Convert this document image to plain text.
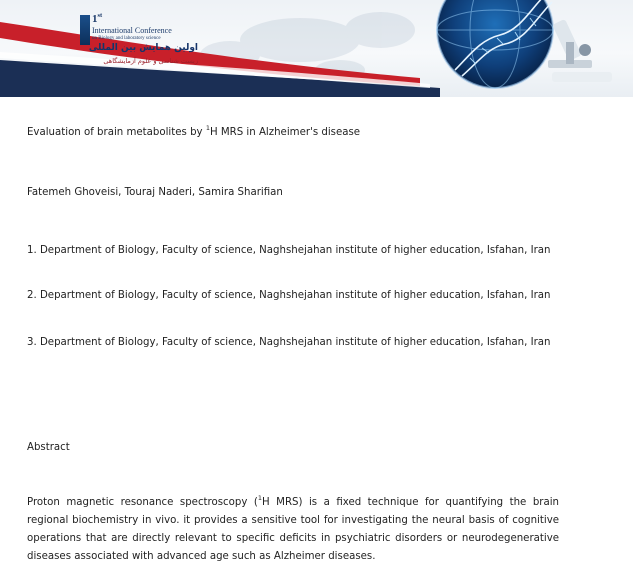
1st
International Conference
on Biology and laboratory science
اولین همایش بین المللی
زیست شناسی و علوم آزمایشگاهی
Evaluation of brain metabolites by $^1$H MRS in Alzheimer's disease
Fatemeh Ghoveisi, Touraj Naderi, Samira Sharifian
1. Department of Biology, Faculty of science, Naghshejahan institute of higher education, Isfahan, Iran
2. Department of Biology, Faculty of science, Naghshejahan institute of higher education, Isfahan, Iran
3. Department of Biology, Faculty of science, Naghshejahan institute of higher education, Isfahan, Iran
Abstract
Proton magnetic resonance spectroscopy ($^1$H MRS) is a fixed technique for quantifying the brain regional biochemistry in vivo. it provides a sensitive tool for investigating the neural basis of cognitive operations that are directly relevant to specific deficits in psychiatric disorders or neurodegenerative diseases associated with advanced age such as Alzheimer diseases.
